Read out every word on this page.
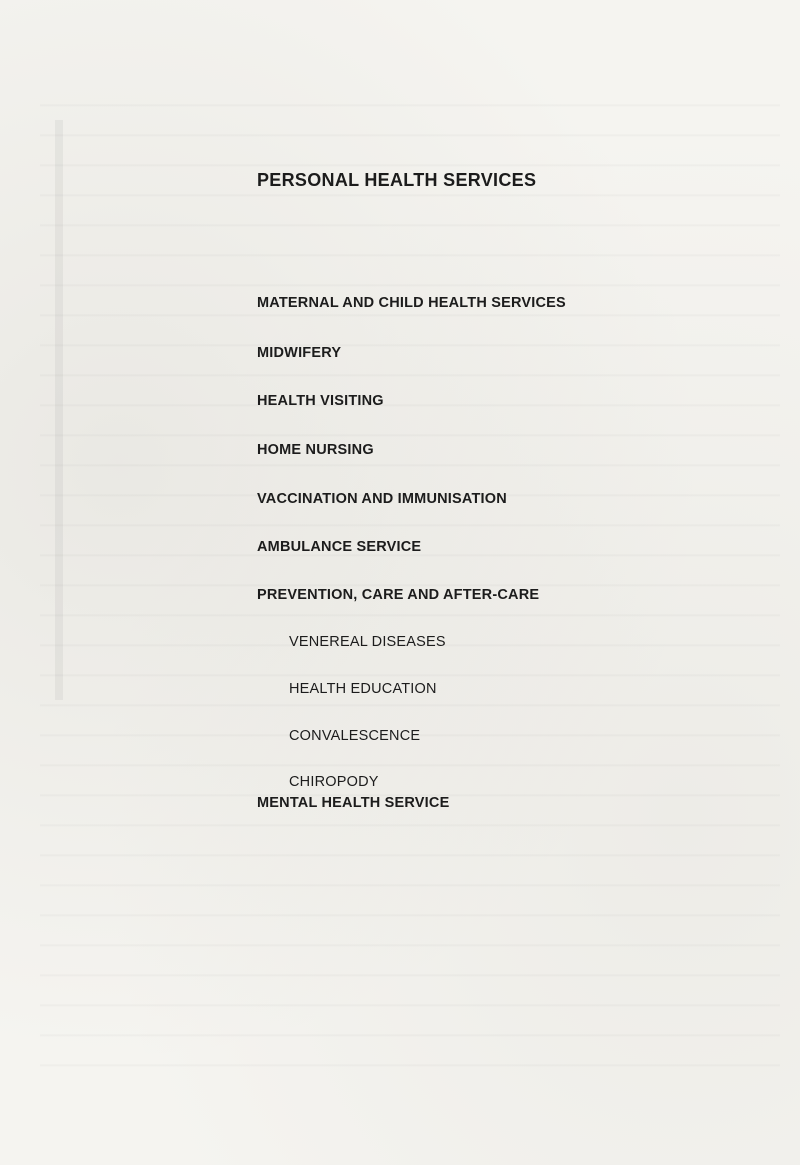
PERSONAL HEALTH SERVICES
MATERNAL AND CHILD HEALTH SERVICES
MIDWIFERY
HEALTH VISITING
HOME NURSING
VACCINATION AND IMMUNISATION
AMBULANCE SERVICE
PREVENTION, CARE AND AFTER-CARE
VENEREAL DISEASES
HEALTH EDUCATION
CONVALESCENCE
CHIROPODY
MENTAL HEALTH SERVICE
